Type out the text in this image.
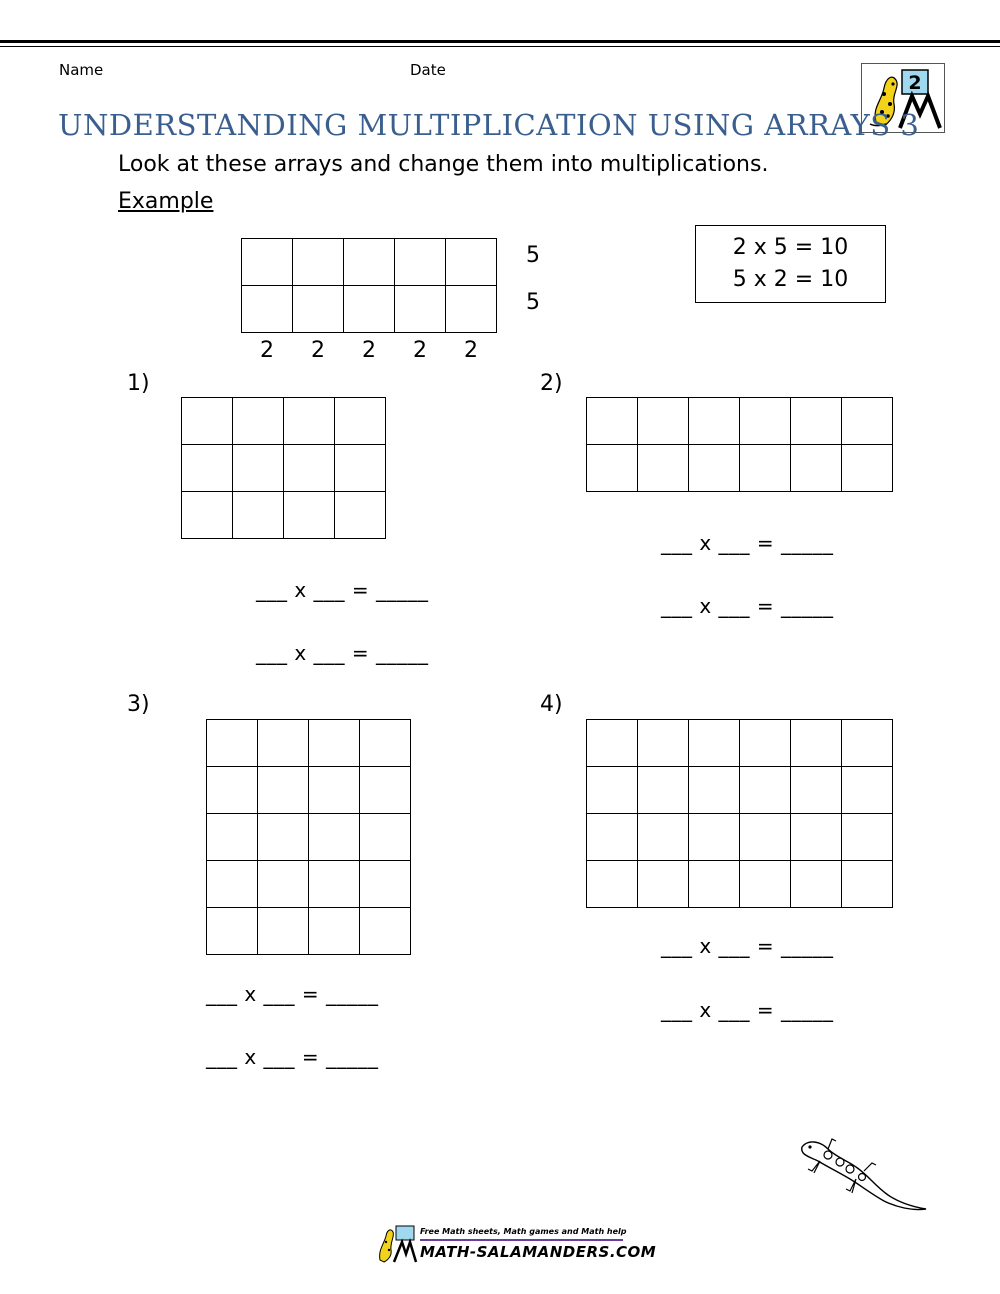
Name	Date
2
UNDERSTANDING MULTIPLICATION USING ARRAYS 3
Look at these arrays and change them into multiplications.
Example

5
5
2 2 2 2 2
2 x 5 = 10
5 x 2 = 10
1)

___ x ___ = _____
___ x ___ = _____
2)

___ x ___ = _____
___ x ___ = _____
3)

___ x ___ = _____
___ x ___ = _____
4)

___ x ___ = _____
___ x ___ = _____
Free Math sheets, Math games and Math help
MATH-SALAMANDERS.COM
